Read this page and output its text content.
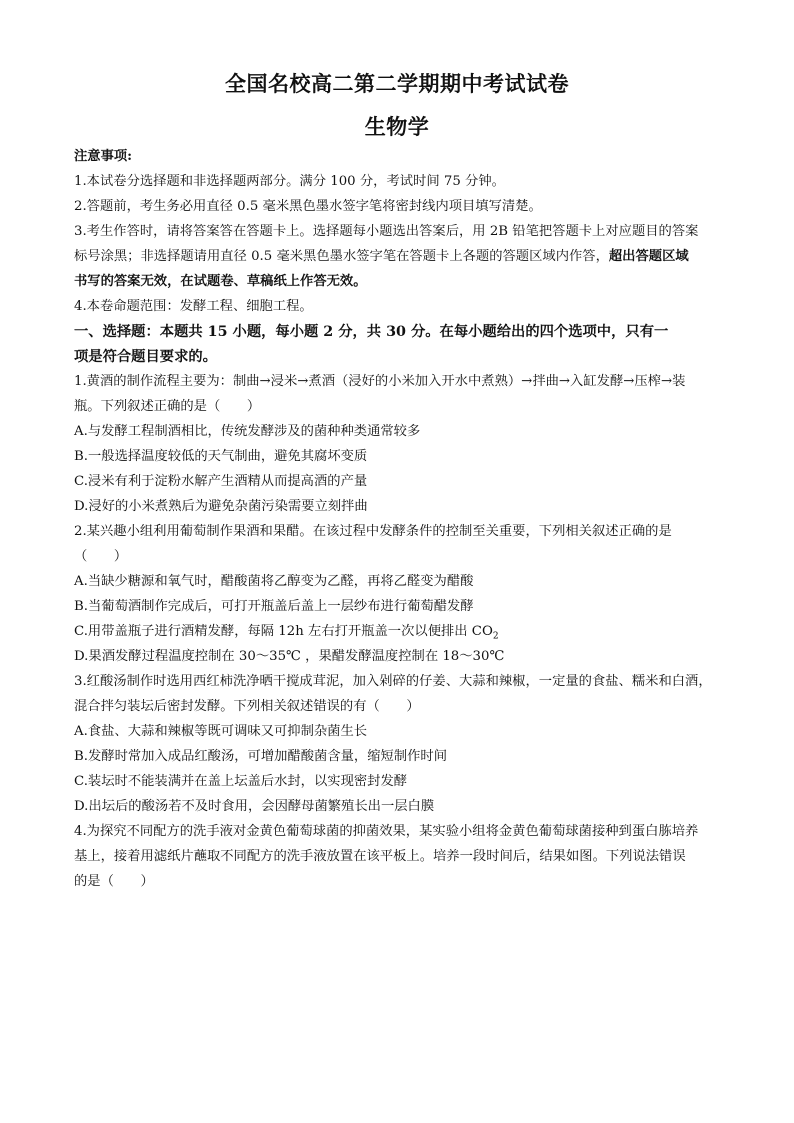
全国名校高二第二学期期中考试试卷
生物学
注意事项:
1.本试卷分选择题和非选择题两部分。满分 100 分，考试时间 75 分钟。
2.答题前，考生务必用直径 0.5 毫米黑色墨水签字笔将密封线内项目填写清楚。
3.考生作答时，请将答案答在答题卡上。选择题每小题选出答案后，用 2B 铅笔把答题卡上对应题目的答案
标号涂黑；非选择题请用直径 0.5 毫米黑色墨水签字笔在答题卡上各题的答题区域内作答，超出答题区域
书写的答案无效，在试题卷、草稿纸上作答无效。
4.本卷命题范围：发酵工程、细胞工程。
一、选择题：本题共 15 小题，每小题 2 分，共 30 分。在每小题给出的四个选项中，只有一
项是符合题目要求的。
1.黄酒的制作流程主要为：制曲→浸米→煮酒（浸好的小米加入开水中煮熟）→拌曲→入缸发酵→压榨→装
瓶。下列叙述正确的是（　　）
A.与发酵工程制酒相比，传统发酵涉及的菌种种类通常较多
B.一般选择温度较低的天气制曲，避免其腐坏变质
C.浸米有利于淀粉水解产生酒精从而提高酒的产量
D.浸好的小米煮熟后为避免杂菌污染需要立刻拌曲
2.某兴趣小组利用葡萄制作果酒和果醋。在该过程中发酵条件的控制至关重要，下列相关叙述正确的是
（　　）
A.当缺少糖源和氧气时，醋酸菌将乙醇变为乙醛，再将乙醛变为醋酸
B.当葡萄酒制作完成后，可打开瓶盖后盖上一层纱布进行葡萄醋发酵
C.用带盖瓶子进行酒精发酵，每隔 12h 左右打开瓶盖一次以便排出 $CO_2$
D.果酒发酵过程温度控制在 30～35℃ ，果醋发酵温度控制在 18～30℃
3.红酸汤制作时选用西红柿洗净晒干搅成茸泥，加入剁碎的仔姜、大蒜和辣椒，一定量的食盐、糯米和白酒，
混合拌匀装坛后密封发酵。下列相关叙述错误的有（　　）
A.食盐、大蒜和辣椒等既可调味又可抑制杂菌生长
B.发酵时常加入成品红酸汤，可增加醋酸菌含量，缩短制作时间
C.装坛时不能装满并在盖上坛盖后水封，以实现密封发酵
D.出坛后的酸汤若不及时食用，会因酵母菌繁殖长出一层白膜
4.为探究不同配方的洗手液对金黄色葡萄球菌的抑菌效果，某实验小组将金黄色葡萄球菌接种到蛋白胨培养
基上，接着用滤纸片蘸取不同配方的洗手液放置在该平板上。培养一段时间后，结果如图。下列说法错误
的是（　　）
